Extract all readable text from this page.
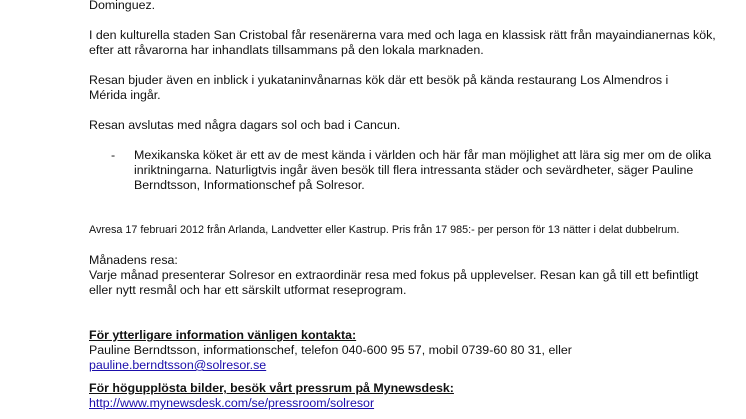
Dominguez.

I den kulturella staden San Cristobal får resenärerna vara med och laga en klassisk rätt från mayaindianernas kök, efter att råvarorna har inhandlats tillsammans på den lokala marknaden.

Resan bjuder även en inblick i yukataninvånarnas kök där ett besök på kända restaurang Los Almendros i Mérida ingår.

Resan avslutas med några dagars sol och bad i Cancun.

- Mexikanska köket är ett av de mest kända i världen och här får man möjlighet att lära sig mer om de olika inriktningarna. Naturligtvis ingår även besök till flera intressanta städer och sevärdheter, säger Pauline Berndtsson, Informationschef på Solresor.

Avresa 17 februari 2012 från Arlanda, Landvetter eller Kastrup. Pris från 17 985:- per person för 13 nätter i delat dubbelrum.

Månadens resa:

Varje månad presenterar Solresor en extraordinär resa med fokus på upplevelser. Resan kan gå till ett befintligt eller nytt resmål och har ett särskilt utformat reseprogram.

För ytterligare information vänligen kontakta:

Pauline Berndtsson, informationschef, telefon 040-600 95 57, mobil 0739-60 80 31, eller

pauline.berndtsson@solresor.se

För högupplösta bilder, besök vårt pressrum på Mynewsdesk:

http://www.mynewsdesk.com/se/pressroom/solresor
